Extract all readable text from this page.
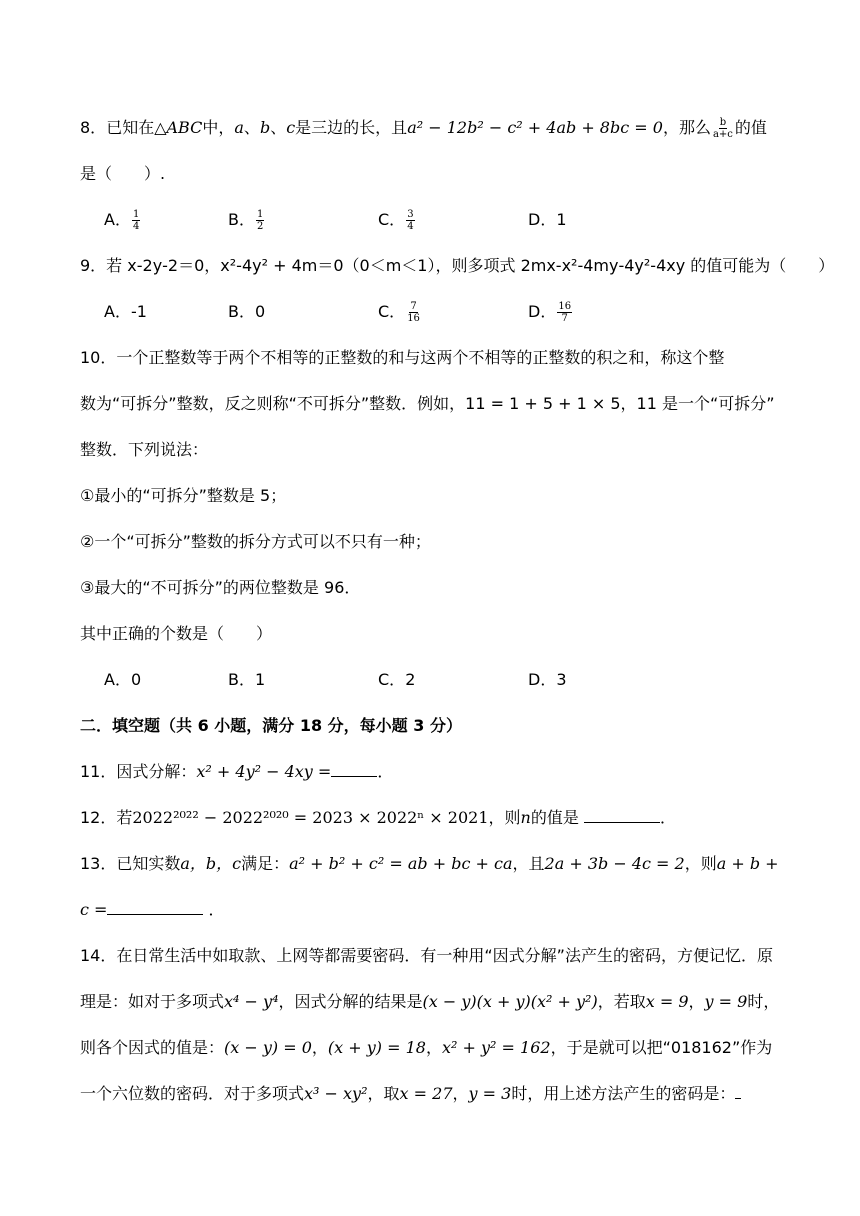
8．已知在△ABC中，a、b、c是三边的长，且a² − 12b² − c² + 4ab + 8bc = 0，那么 $\frac{b}{a+c}$ 的值
是（　　）.
A． $\frac{1}{4}$	B． $\frac{1}{2}$	C． $\frac{3}{4}$	D．1
9．若 x‐2y‐2＝0，x²‐4y² + 4m＝0（0＜m＜1），则多项式 2mx‐x²‐4my‐4y²‐4xy 的值可能为（　　）
A．‐1	B．0	C． $\frac{7}{16}$	D． $\frac{16}{7}$
10．一个正整数等于两个不相等的正整数的和与这两个不相等的正整数的积之和，称这个整
数为“可拆分”整数，反之则称“不可拆分”整数．例如，11 = 1 + 5 + 1 × 5，11 是一个“可拆分”
整数．下列说法：
①最小的“可拆分”整数是 5；
②一个“可拆分”整数的拆分方式可以不只有一种；
③最大的“不可拆分”的两位整数是 96．
其中正确的个数是（　　）
A．0	B．1	C．2	D．3
二．填空题（共 6 小题，满分 18 分，每小题 3 分）
11．因式分解：x² + 4y² − 4xy =	．
12．若2022²⁰²² − 2022²⁰²⁰ = 2023 × 2022ⁿ × 2021，则n的值是	．
13．已知实数a，b，c满足：a² + b² + c² = ab + bc + ca，且2a + 3b − 4c = 2，则a + b +
c =	．
14．在日常生活中如取款、上网等都需要密码．有一种用“因式分解”法产生的密码，方便记忆．原
理是：如对于多项式x⁴ − y⁴，因式分解的结果是(x − y)(x + y)(x² + y²)，若取x = 9，y = 9时，
则各个因式的值是：(x − y) = 0，(x + y) = 18，x² + y² = 162，于是就可以把“018162”作为
一个六位数的密码．对于多项式x³ − xy²，取x = 27，y = 3时，用上述方法产生的密码是：
